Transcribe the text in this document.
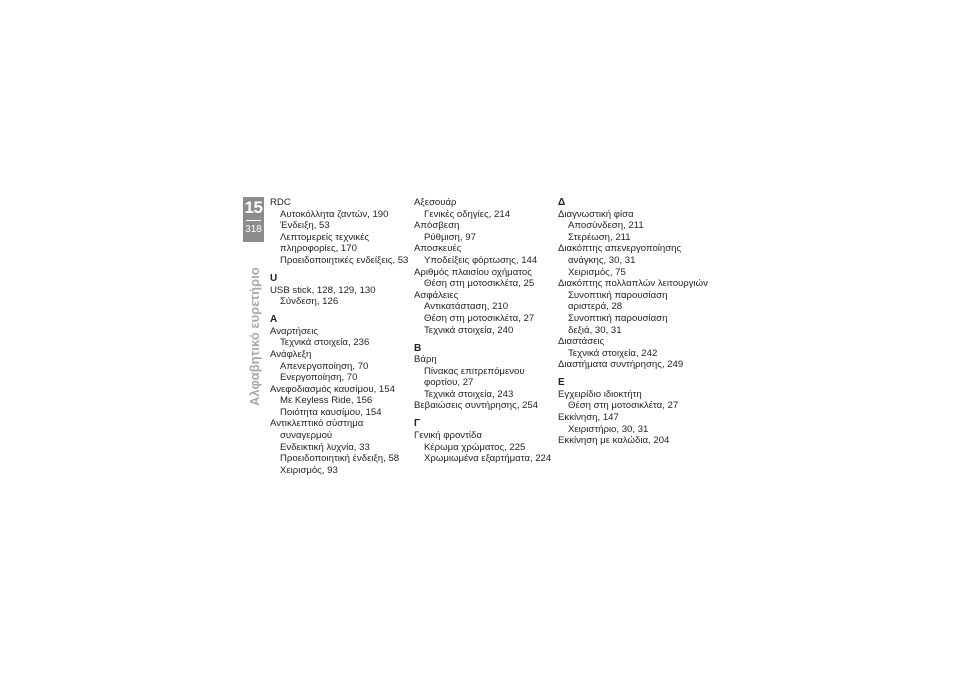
15
318
Αλφαβητικό ευρετήριο
RDC
Αυτοκόλλητα ζαντών, 190
Ένδειξη, 53
Λεπτομερείς τεχνικές
πληροφορίες, 170
Προειδοποιητικές ενδείξεις, 53
U
USB stick, 128, 129, 130
Σύνδεση, 126
Α
Αναρτήσεις
Τεχνικά στοιχεία, 236
Ανάφλεξη
Απενεργοποίηση, 70
Ενεργοποίηση, 70
Ανεφοδιασμός καυσίμου, 154
Με Keyless Ride, 156
Ποιότητα καυσίμου, 154
Αντικλεπτικό σύστημα
συναγερμού
Ενδεικτική λυχνία, 33
Προειδοποιητική ένδειξη, 58
Χειρισμός, 93
Αξεσουάρ
Γενικές οδηγίες, 214
Απόσβεση
Ρύθμιση, 97
Αποσκευές
Υποδείξεις φόρτωσης, 144
Αριθμός πλαισίου οχήματος
Θέση στη μοτοσικλέτα, 25
Ασφάλειες
Αντικατάσταση, 210
Θέση στη μοτοσικλέτα, 27
Τεχνικά στοιχεία, 240
Β
Βάρη
Πίνακας επιτρεπόμενου
φορτίου, 27
Τεχνικά στοιχεία, 243
Βεβαιώσεις συντήρησης, 254
Γ
Γενική φροντίδα
Κέρωμα χρώματος, 225
Χρωμιωμένα εξαρτήματα, 224
Δ
Διαγνωστική φίσα
Αποσύνδεση, 211
Στερέωση, 211
Διακόπτης απενεργοποίησης
ανάγκης, 30, 31
Χειρισμός, 75
Διακόπτης πολλαπλών λειτουργιών
Συνοπτική παρουσίαση
αριστερά, 28
Συνοπτική παρουσίαση
δεξιά, 30, 31
Διαστάσεις
Τεχνικά στοιχεία, 242
Διαστήματα συντήρησης, 249
Ε
Εγχειρίδιο ιδιοκτήτη
Θέση στη μοτοσικλέτα, 27
Εκκίνηση, 147
Χειριστήριο, 30, 31
Εκκίνηση με καλώδια, 204
